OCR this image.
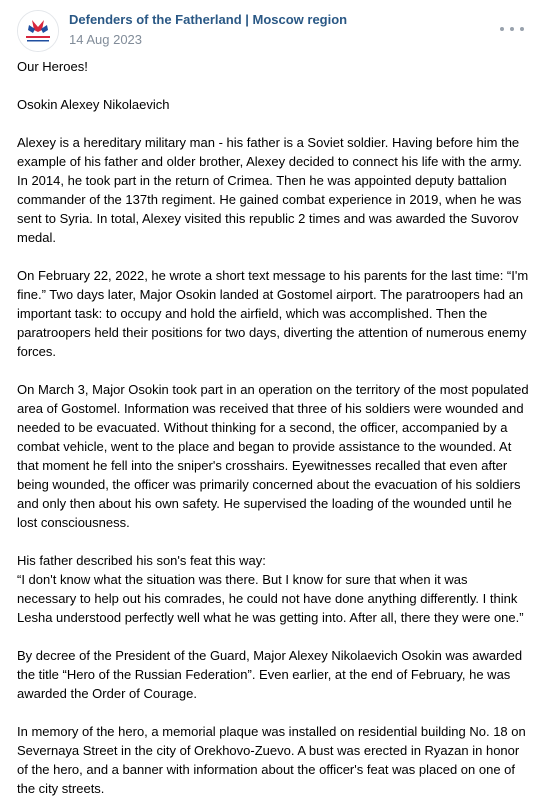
Defenders of the Fatherland | Moscow region
14 Aug 2023

Our Heroes!

Osokin Alexey Nikolaevich

Alexey is a hereditary military man - his father is a Soviet soldier. Having before him the example of his father and older brother, Alexey decided to connect his life with the army. In 2014, he took part in the return of Crimea. Then he was appointed deputy battalion commander of the 137th regiment. He gained combat experience in 2019, when he was sent to Syria. In total, Alexey visited this republic 2 times and was awarded the Suvorov medal.

On February 22, 2022, he wrote a short text message to his parents for the last time: “I'm fine.” Two days later, Major Osokin landed at Gostomel airport. The paratroopers had an important task: to occupy and hold the airfield, which was accomplished. Then the paratroopers held their positions for two days, diverting the attention of numerous enemy forces.

On March 3, Major Osokin took part in an operation on the territory of the most populated area of Gostomel. Information was received that three of his soldiers were wounded and needed to be evacuated. Without thinking for a second, the officer, accompanied by a combat vehicle, went to the place and began to provide assistance to the wounded. At that moment he fell into the sniper's crosshairs. Eyewitnesses recalled that even after being wounded, the officer was primarily concerned about the evacuation of his soldiers and only then about his own safety. He supervised the loading of the wounded until he lost consciousness.

His father described his son's feat this way:
“I don't know what the situation was there. But I know for sure that when it was necessary to help out his comrades, he could not have done anything differently. I think Lesha understood perfectly well what he was getting into. After all, there they were one.”

By decree of the President of the Guard, Major Alexey Nikolaevich Osokin was awarded the title “Hero of the Russian Federation”. Even earlier, at the end of February, he was awarded the Order of Courage.

In memory of the hero, a memorial plaque was installed on residential building No. 18 on Severnaya Street in the city of Orekhovo-Zuevo. A bust was erected in Ryazan in honor of the hero, and a banner with information about the officer's feat was placed on one of the city streets.
